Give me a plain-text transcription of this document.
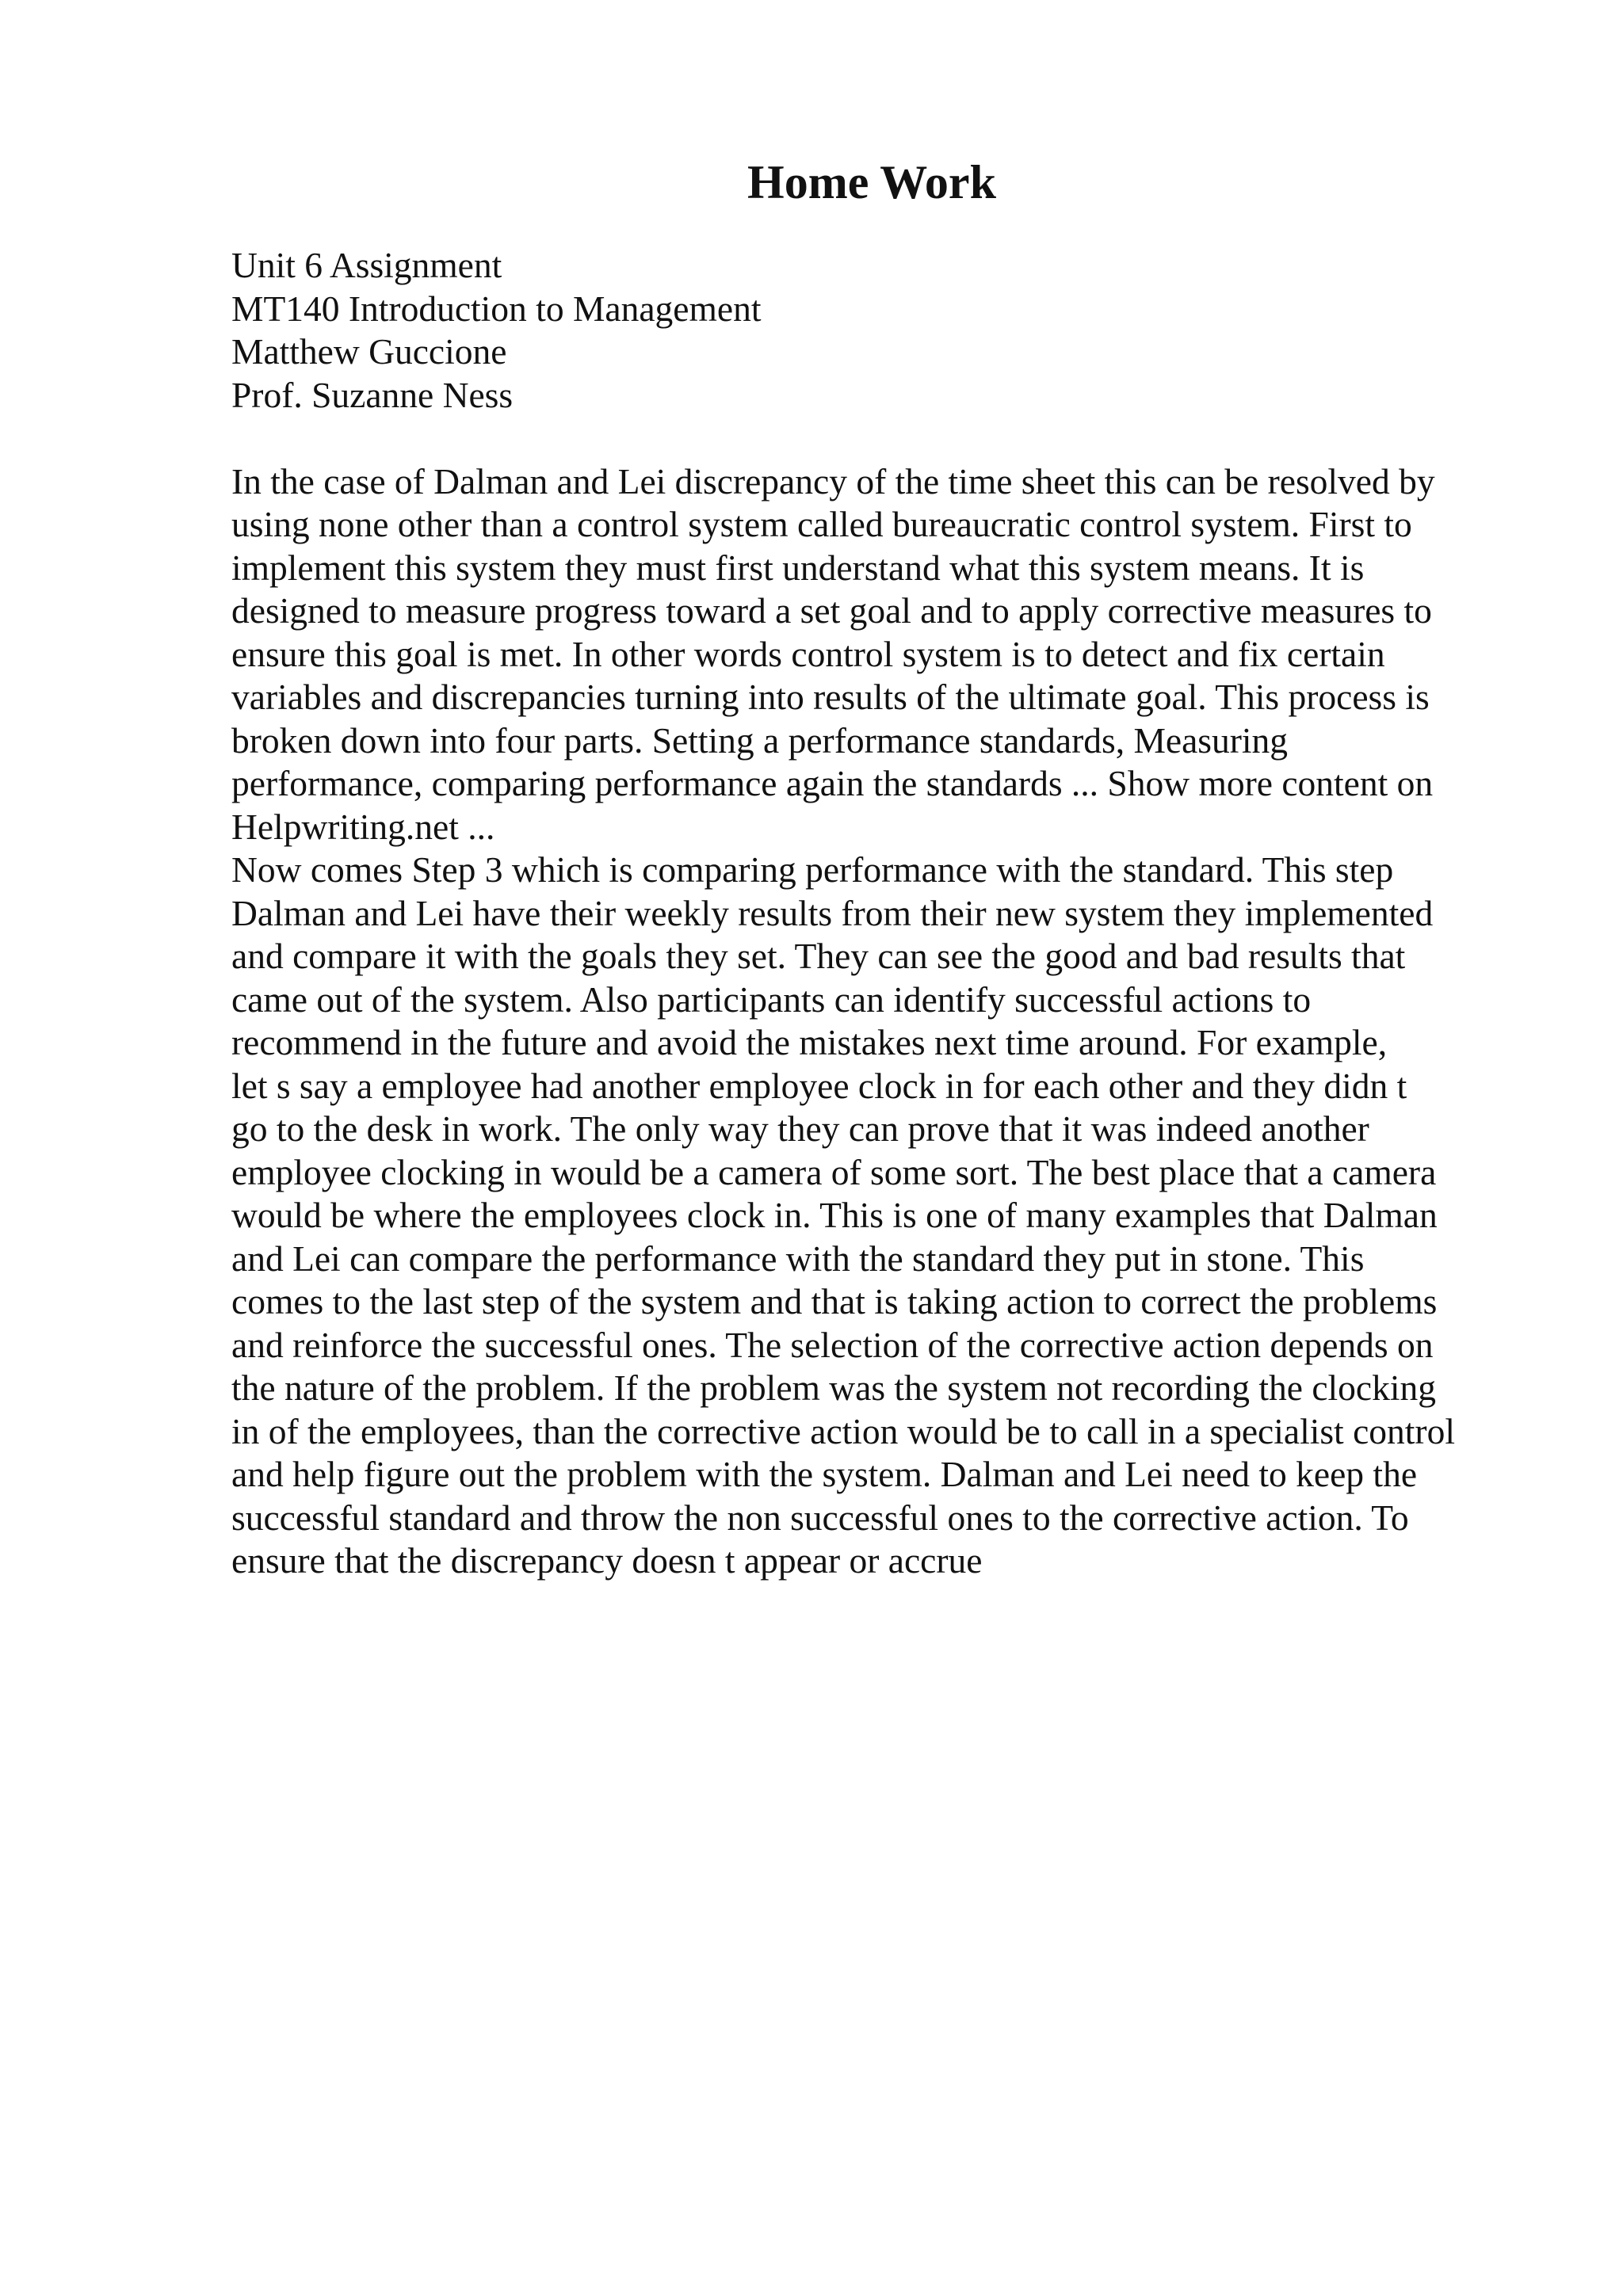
Home Work

Unit 6 Assignment

MT140 Introduction to Management

Matthew Guccione

Prof. Suzanne Ness

In the case of Dalman and Lei discrepancy of the time sheet this can be resolved by

using none other than a control system called bureaucratic control system. First to

implement this system they must first understand what this system means. It is

designed to measure progress toward a set goal and to apply corrective measures to

ensure this goal is met. In other words control system is to detect and fix certain

variables and discrepancies turning into results of the ultimate goal. This process is

broken down into four parts. Setting a performance standards, Measuring

performance, comparing performance again the standards ... Show more content on

Helpwriting.net ...

Now comes Step 3 which is comparing performance with the standard. This step

Dalman and Lei have their weekly results from their new system they implemented

and compare it with the goals they set. They can see the good and bad results that

came out of the system. Also participants can identify successful actions to

recommend in the future and avoid the mistakes next time around. For example,

let s say a employee had another employee clock in for each other and they didn t

go to the desk in work. The only way they can prove that it was indeed another

employee clocking in would be a camera of some sort. The best place that a camera

would be where the employees clock in. This is one of many examples that Dalman

and Lei can compare the performance with the standard they put in stone. This

comes to the last step of the system and that is taking action to correct the problems

and reinforce the successful ones. The selection of the corrective action depends on

the nature of the problem. If the problem was the system not recording the clocking

in of the employees, than the corrective action would be to call in a specialist control

and help figure out the problem with the system. Dalman and Lei need to keep the

successful standard and throw the non successful ones to the corrective action. To

ensure that the discrepancy doesn t appear or accrue
